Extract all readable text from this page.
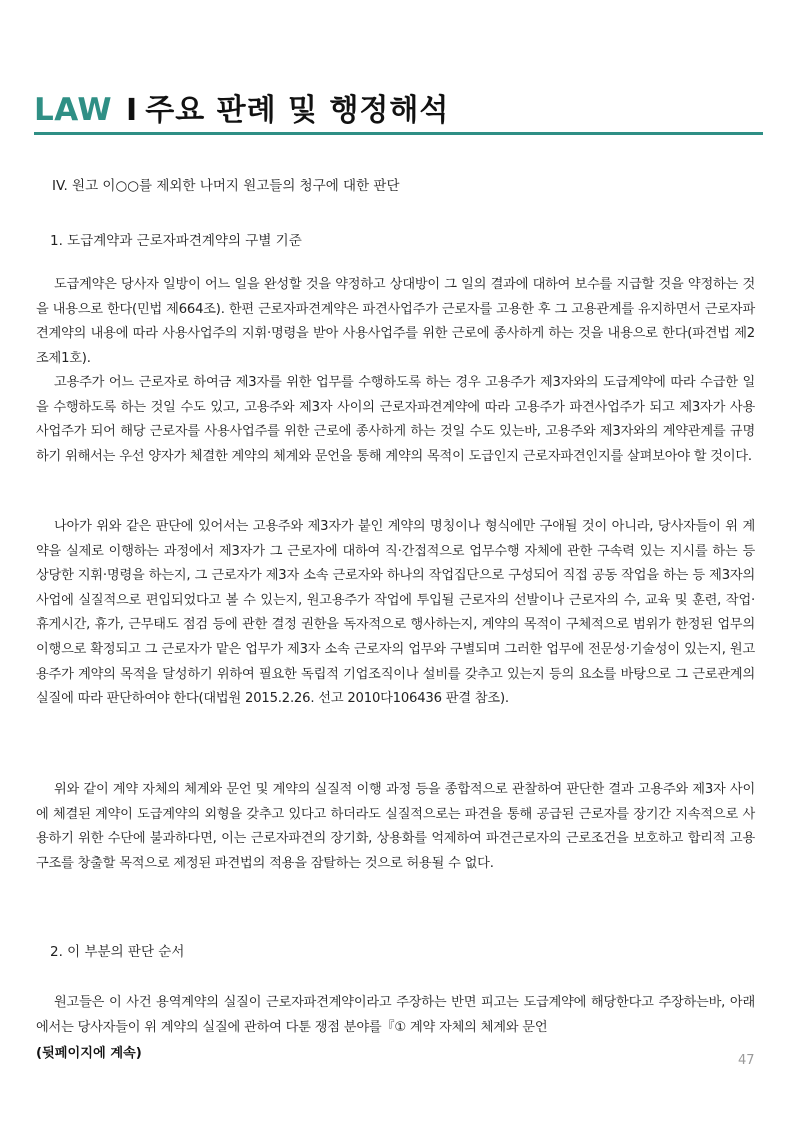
LAW I 주요 판례 및 행정해석
IV. 원고 이○○를 제외한 나머지 원고들의 청구에 대한 판단
1. 도급계약과 근로자파견계약의 구별 기준

도급계약은 당사자 일방이 어느 일을 완성할 것을 약정하고 상대방이 그 일의 결과에 대하여 보수를 지급할 것을 약정하는 것을 내용으로 한다(민법 제664조). 한편 근로자파견계약은 파견사업주가 근로자를 고용한 후 그 고용관계를 유지하면서 근로자파견계약의 내용에 따라 사용사업주의 지휘·명령을 받아 사용사업주를 위한 근로에 종사하게 하는 것을 내용으로 한다(파견법 제2조제1호).

고용주가 어느 근로자로 하여금 제3자를 위한 업무를 수행하도록 하는 경우 고용주가 제3자와의 도급계약에 따라 수급한 일을 수행하도록 하는 것일 수도 있고, 고용주와 제3자 사이의 근로자파견계약에 따라 고용주가 파견사업주가 되고 제3자가 사용사업주가 되어 해당 근로자를 사용사업주를 위한 근로에 종사하게 하는 것일 수도 있는바, 고용주와 제3자와의 계약관계를 규명하기 위해서는 우선 양자가 체결한 계약의 체계와 문언을 통해 계약의 목적이 도급인지 근로자파견인지를 살펴보아야 할 것이다.

나아가 위와 같은 판단에 있어서는 고용주와 제3자가 붙인 계약의 명칭이나 형식에만 구애될 것이 아니라, 당사자들이 위 계약을 실제로 이행하는 과정에서 제3자가 그 근로자에 대하여 직·간접적으로 업무수행 자체에 관한 구속력 있는 지시를 하는 등 상당한 지휘·명령을 하는지, 그 근로자가 제3자 소속 근로자와 하나의 작업집단으로 구성되어 직접 공동 작업을 하는 등 제3자의 사업에 실질적으로 편입되었다고 볼 수 있는지, 원고용주가 작업에 투입될 근로자의 선발이나 근로자의 수, 교육 및 훈련, 작업·휴게시간, 휴가, 근무태도 점검 등에 관한 결정 권한을 독자적으로 행사하는지, 계약의 목적이 구체적으로 범위가 한정된 업무의 이행으로 확정되고 그 근로자가 맡은 업무가 제3자 소속 근로자의 업무와 구별되며 그러한 업무에 전문성·기술성이 있는지, 원고용주가 계약의 목적을 달성하기 위하여 필요한 독립적 기업조직이나 설비를 갖추고 있는지 등의 요소를 바탕으로 그 근로관계의 실질에 따라 판단하여야 한다(대법원 2015.2.26. 선고 2010다106436 판결 참조).

위와 같이 계약 자체의 체계와 문언 및 계약의 실질적 이행 과정 등을 종합적으로 관찰하여 판단한 결과 고용주와 제3자 사이에 체결된 계약이 도급계약의 외형을 갖추고 있다고 하더라도 실질적으로는 파견을 통해 공급된 근로자를 장기간 지속적으로 사용하기 위한 수단에 불과하다면, 이는 근로자파견의 장기화, 상용화를 억제하여 파견근로자의 근로조건을 보호하고 합리적 고용구조를 창출할 목적으로 제정된 파견법의 적용을 잠탈하는 것으로 허용될 수 없다.

2. 이 부분의 판단 순서

원고들은 이 사건 용역계약의 실질이 근로자파견계약이라고 주장하는 반면 피고는 도급계약에 해당한다고 주장하는바, 아래에서는 당사자들이 위 계약의 실질에 관하여 다툰 쟁점 분야를『① 계약 자체의 체계와 문언

(뒷페이지에 계속)	47
